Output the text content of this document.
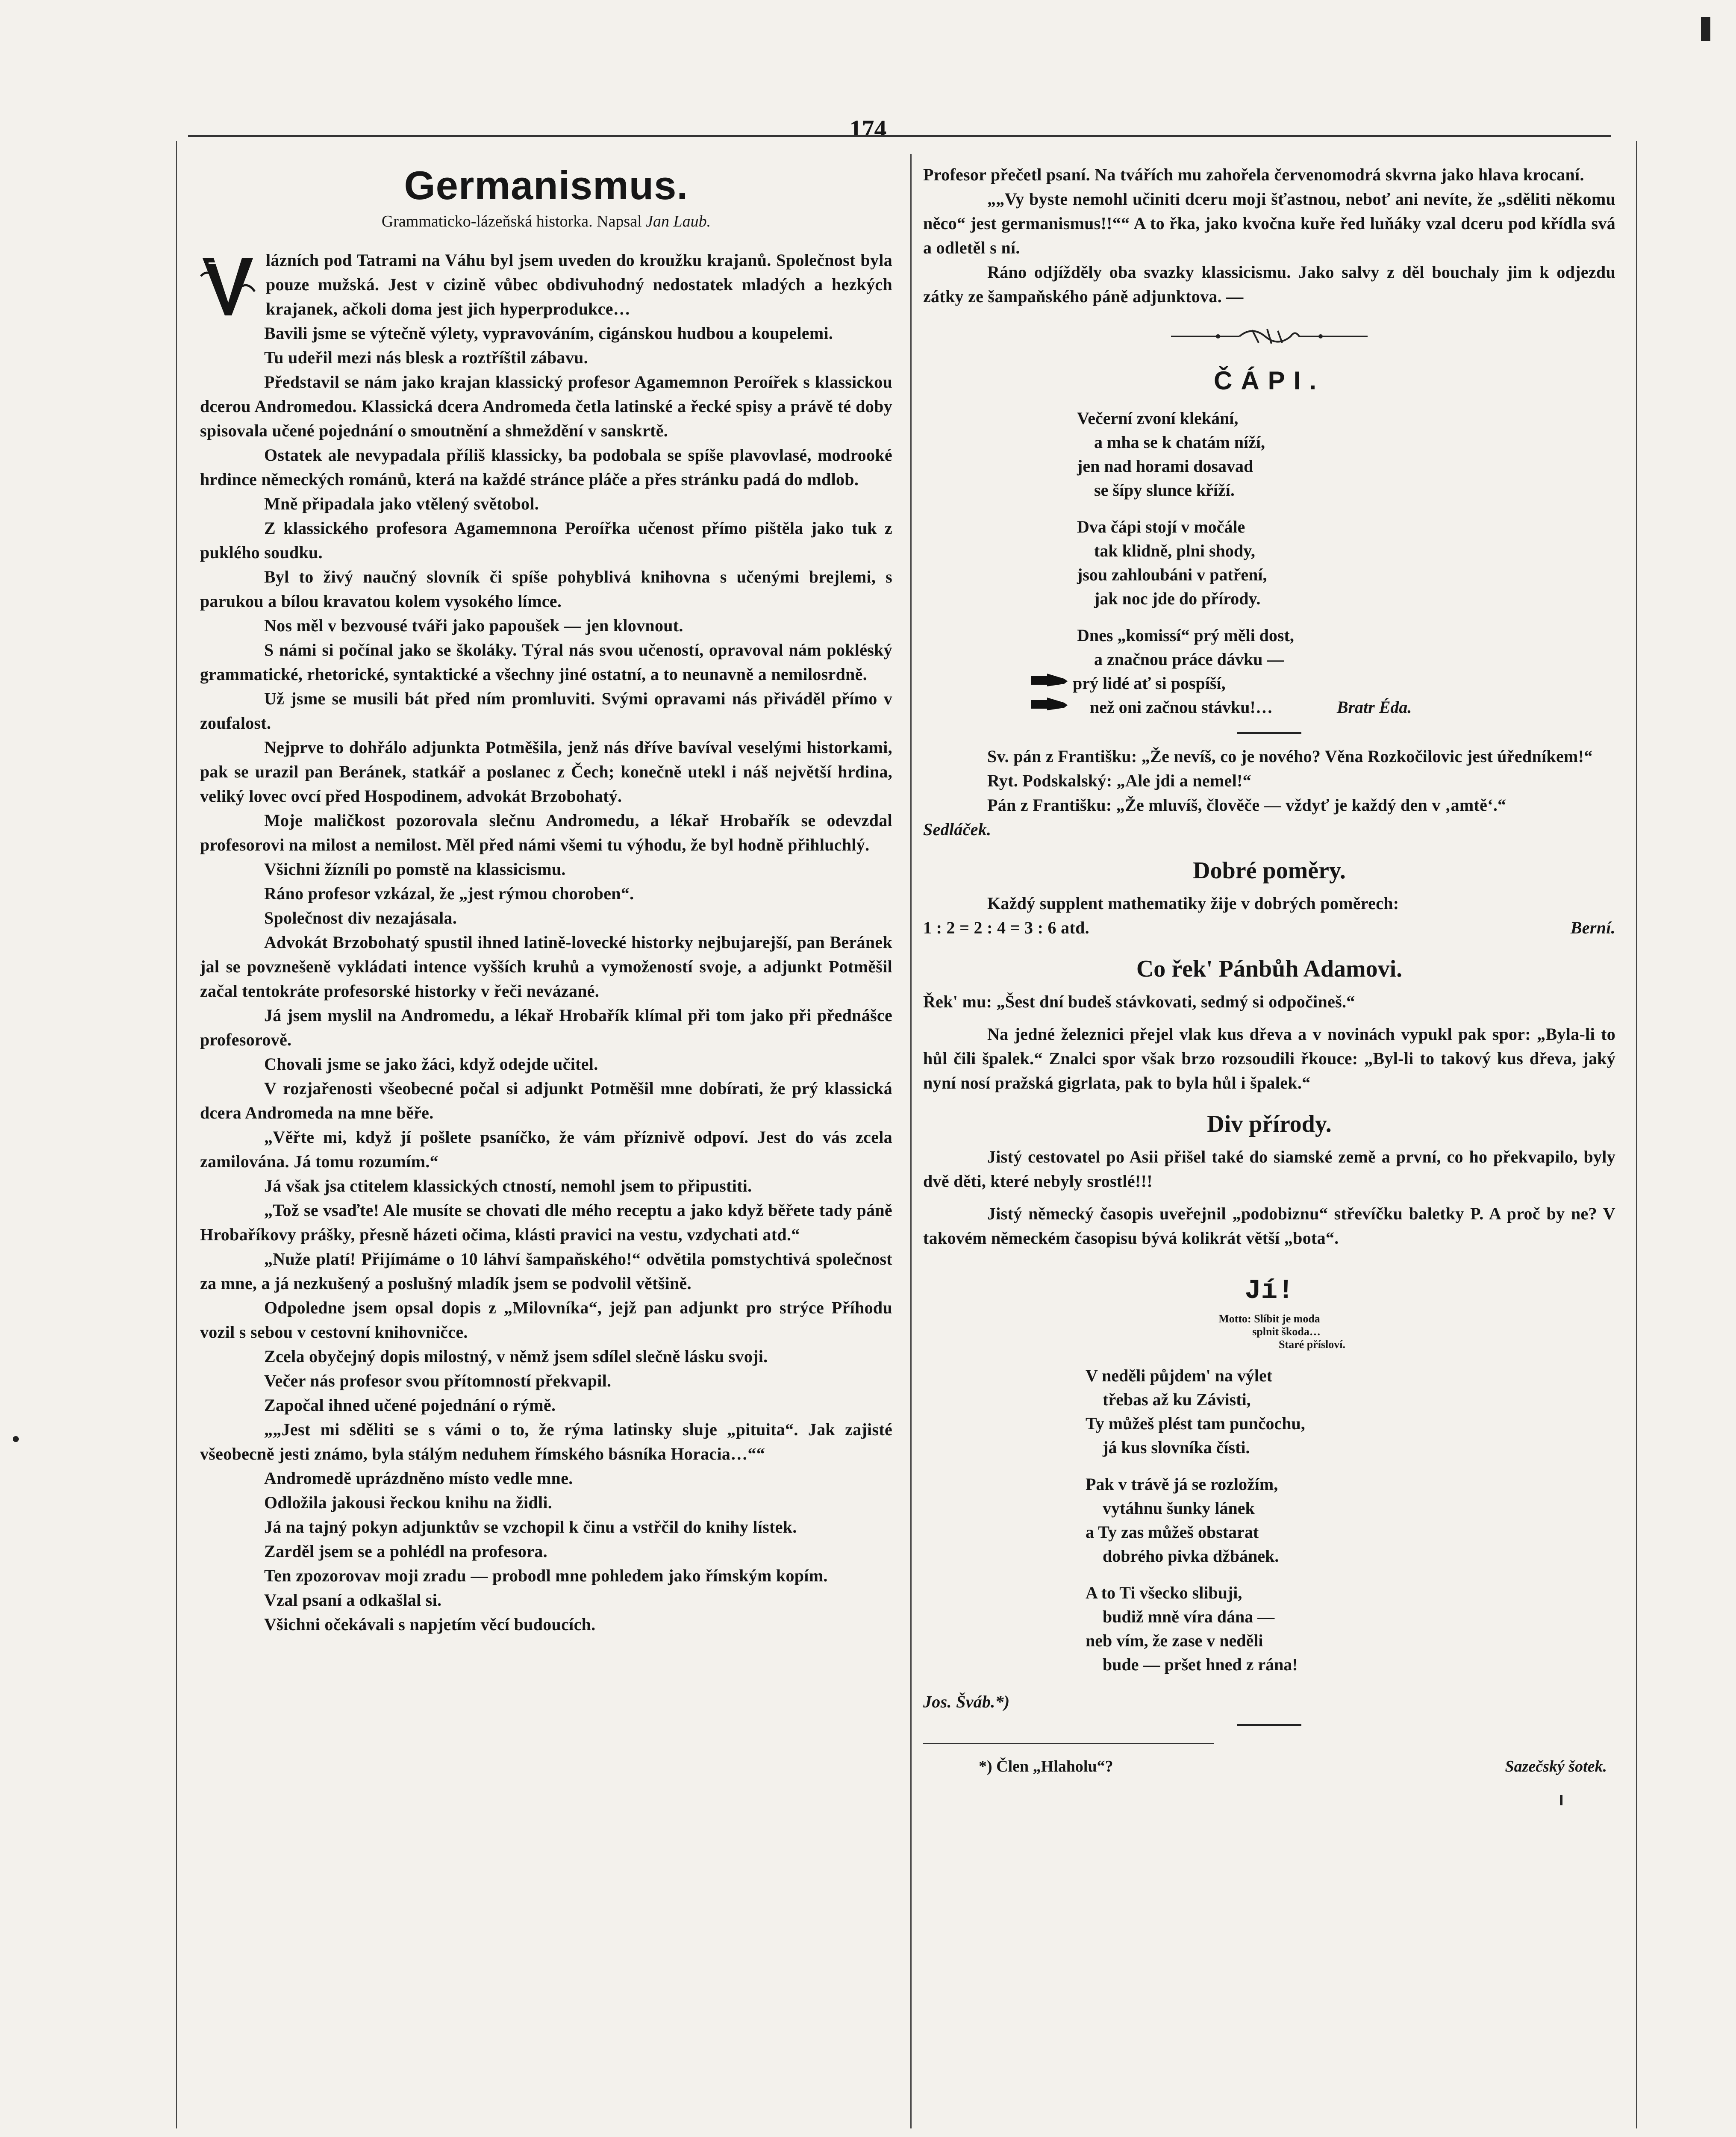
174
Germanismus.
Grammaticko-lázeňská historka. Napsal Jan Laub.

lázních pod Tatrami na Váhu byl jsem uveden do kroužku krajanů. Společnost byla pouze mužská. Jest v cizině vůbec obdivuhodný nedostatek mladých a hezkých krajanek, ačkoli doma jest jich hyperprodukce…

Bavili jsme se výtečně výlety, vypravováním, cigánskou hudbou a koupelemi.

Tu udeřil mezi nás blesk a roztříštil zábavu.

Představil se nám jako krajan klassický profesor Agamemnon Peroířek s klassickou dcerou Andromedou. Klassická dcera Andromeda četla latinské a řecké spisy a právě té doby spisovala učené pojednání o smoutnění a shmeždění v sanskrtě.

Ostatek ale nevypadala příliš klassicky, ba podobala se spíše plavovlasé, modrooké hrdince německých románů, která na každé stránce pláče a přes stránku padá do mdlob.

Mně připadala jako vtělený světobol.

Z klassického profesora Agamemnona Peroířka učenost přímo pištěla jako tuk z puklého soudku.

Byl to živý naučný slovník či spíše pohyblivá knihovna s učenými brejlemi, s parukou a bílou kravatou kolem vysokého límce.

Nos měl v bezvousé tváři jako papoušek — jen klovnout.

S námi si počínal jako se školáky. Týral nás svou učeností, opravoval nám pokléský grammatické, rhetorické, syntaktické a všechny jiné ostatní, a to neunavně a nemilosrdně.

Už jsme se musili bát před ním promluviti. Svými opravami nás přiváděl přímo v zoufalost.

Nejprve to dohřálo adjunkta Potměšila, jenž nás dříve bavíval veselými historkami, pak se urazil pan Beránek, statkář a poslanec z Čech; konečně utekl i náš největší hrdina, veliký lovec ovcí před Hospodinem, advokát Brzobohatý.

Moje maličkost pozorovala slečnu Andromedu, a lékař Hrobařík se odevzdal profesorovi na milost a nemilost. Měl před námi všemi tu výhodu, že byl hodně přihluchlý.

Všichni žízníli po pomstě na klassicismu.

Ráno profesor vzkázal, že „jest rýmou choroben“.

Společnost div nezajásala.

Advokát Brzobohatý spustil ihned latině-lovecké historky nejbujarejší, pan Beránek jal se povznešeně vykládati intence vyšších kruhů a vymožeností svoje, a adjunkt Potměšil začal tentokráte profesorské historky v řeči nevázané.

Já jsem myslil na Andromedu, a lékař Hrobařík klímal při tom jako při přednášce profesorově.

Chovali jsme se jako žáci, když odejde učitel.

V rozjařenosti všeobecné počal si adjunkt Potměšil mne dobírati, že prý klassická dcera Andromeda na mne běře.

„Věřte mi, když jí pošlete psaníčko, že vám příznivě odpoví. Jest do vás zcela zamilována. Já tomu rozumím.“

Já však jsa ctitelem klassických ctností, nemohl jsem to připustiti.

„Tož se vsaďte! Ale musíte se chovati dle mého receptu a jako když běřete tady páně Hrobaříkovy prášky, přesně házeti očima, klásti pravici na vestu, vzdychati atd.“

„Nuže platí! Přijímáme o 10 láhví šampaňského!“ odvětila pomstychtivá společnost za mne, a já nezkušený a poslušný mladík jsem se podvolil většině.

Odpoledne jsem opsal dopis z „Milovníka“, jejž pan adjunkt pro strýce Příhodu vozil s sebou v cestovní knihovničce.

Zcela obyčejný dopis milostný, v němž jsem sdílel slečně lásku svoji.

Večer nás profesor svou přítomností překvapil.

Započal ihned učené pojednání o rýmě.

„„Jest mi sděliti se s vámi o to, že rýma latinsky sluje „pituita“. Jak zajisté všeobecně jesti známo, byla stálým neduhem římského básníka Horacia…““

Andromedě uprázdněno místo vedle mne.

Odložila jakousi řeckou knihu na židli.

Já na tajný pokyn adjunktův se vzchopil k činu a vstřčil do knihy lístek.

Zarděl jsem se a pohlédl na profesora.

Ten zpozorovav moji zradu — probodl mne pohledem jako římským kopím.

Vzal psaní a odkašlal si.

Všichni očekávali s napjetím věcí budoucích.

Profesor přečetl psaní. Na tvářích mu zahořela červenomodrá skvrna jako hlava krocaní.

„„Vy byste nemohl učiniti dceru moji šťastnou, neboť ani nevíte, že „sděliti někomu něco“ jest germanismus!!““ A to řka, jako kvočna kuře řed luňáky vzal dceru pod křídla svá a odletěl s ní.

Ráno odjížděly oba svazky klassicismu. Jako salvy z děl bouchaly jim k odjezdu zátky ze šampaňského páně adjunktova. —

ČÁPI.
Večerní zvoní klekání,
a mha se k chatám níží,
jen nad horami dosavad
se šípy slunce kříží.
Dva čápi stojí v močále
tak klidně, plni shody,
jsou zahloubáni v patření,
jak noc jde do přírody.
Dnes „komissí“ prý měli dost,
a značnou práce dávku —
prý lidé ať si pospíší,
než oni začnou stávku!…	Bratr Éda.

Sv. pán z Františku: „Že nevíš, co je nového? Věna Rozkočilovic jest úředníkem!“

Ryt. Podskalský: „Ale jdi a nemel!“

Pán z Františku: „Že mluvíš, člověče — vždyť je každý den v ‚amtě‘.“

Sedláček.

Dobré poměry.

Každý supplent mathematiky žije v dobrých poměrech:

1 : 2 = 2 : 4 = 3 : 6 atd.	Berní.

Co řek' Pánbůh Adamovi.

Řek' mu: „Šest dní budeš stávkovati, sedmý si odpočineš.“

Na jedné železnici přejel vlak kus dřeva a v novinách vypukl pak spor: „Byla-li to hůl čili špalek.“ Znalci spor však brzo rozsoudili řkouce: „Byl-li to takový kus dřeva, jaký nyní nosí pražská gigrlata, pak to byla hůl i špalek.“

Div přírody.

Jistý cestovatel po Asii přišel také do siamské země a první, co ho překvapilo, byly dvě děti, které nebyly srostlé!!!

Jistý německý časopis uveřejnil „podobiznu“ střevíčku baletky P. A proč by ne? V takovém německém časopisu bývá kolikrát větší „bota“.

Jí!
Motto: Slíbit je moda
splnit škoda…
Staré přísloví.
V neděli půjdem' na výlet
třebas až ku Závisti,
Ty můžeš plést tam punčochu,
já kus slovníka čísti.
Pak v trávě já se rozložím,
vytáhnu šunky lánek
a Ty zas můžeš obstarat
dobrého pivka džbánek.
A to Ti všecko slibuji,
budiž mně víra dána —
neb vím, že zase v neděli
bude — pršet hned z rána!

Jos. Šváb.*)

*) Člen „Hlaholu“?	Sazečský šotek.
